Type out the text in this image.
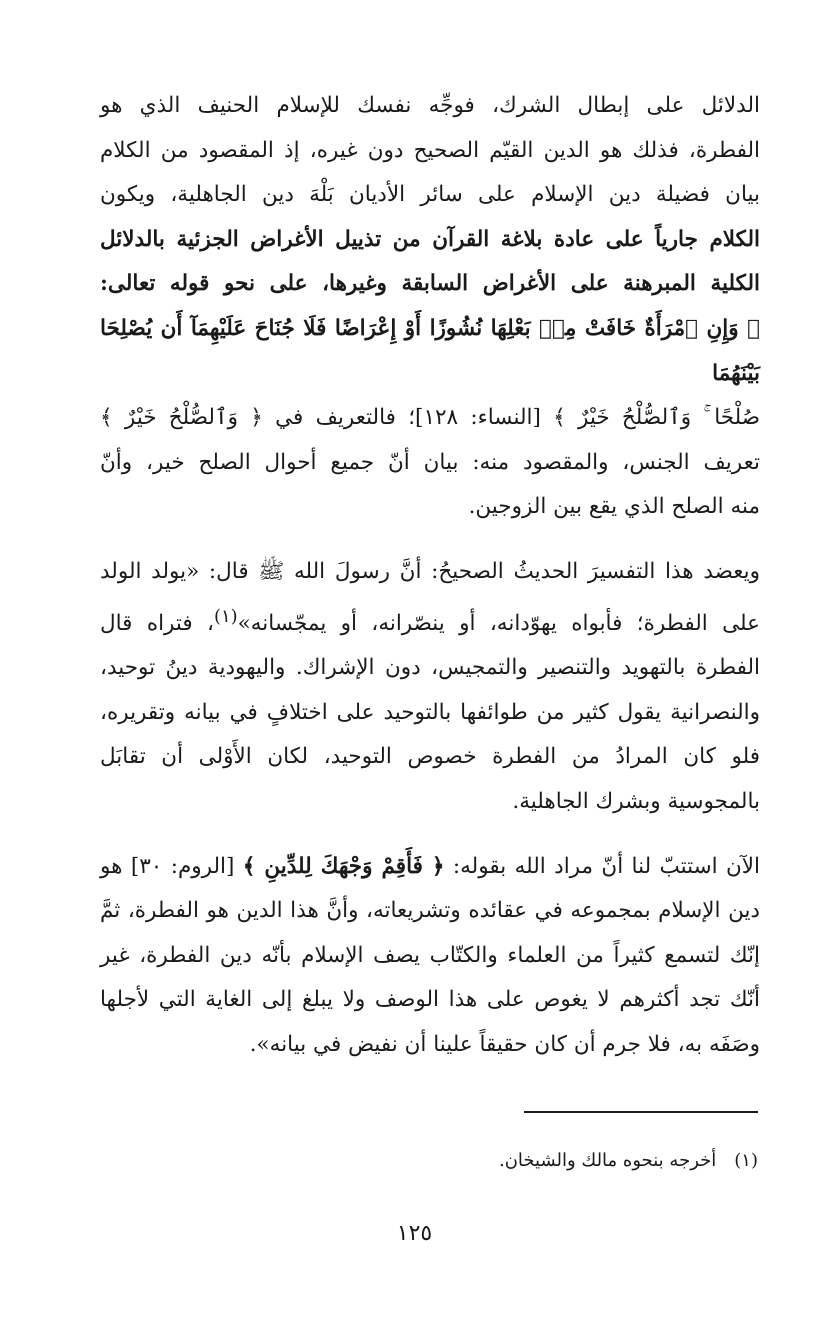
الدلائل على إبطال الشرك، فوجِّه نفسك للإسلام الحنيف الذي هو
الفطرة، فذلك هو الدين القيّم الصحيح دون غيره، إذ المقصود من الكلام
بيان فضيلة دين الإسلام على سائر الأديان بَلْهَ دين الجاهلية، ويكون
الكلام جارياً على عادة بلاغة القرآن من تذييل الأغراض الجزئية بالدلائل
الكلية المبرهنة على الأغراض السابقة وغيرها، على نحو قوله تعالى:
﴿ وَإِنِ ٱمْرَأَةٌ خَافَتْ مِنۢ بَعْلِهَا نُشُوزًا أَوْ إِعْرَاضًا فَلَا جُنَاحَ عَلَيْهِمَآ أَن يُصْلِحَا بَيْنَهُمَا
صُلْحًا ۚ وَٱلصُّلْحُ خَيْرٌ ﴾ [النساء: ١٢٨]؛ فالتعريف في ﴿ وَٱلصُّلْحُ خَيْرٌ ﴾
تعريف الجنس، والمقصود منه: بيان أنّ جميع أحوال الصلح خير، وأنّ
منه الصلح الذي يقع بين الزوجين.

ويعضد هذا التفسيرَ الحديثُ الصحيحُ: أنَّ رسولَ الله ﷺ قال: «يولد الولد على الفطرة؛ فأبواه يهوّدانه، أو ينصّرانه، أو يمجّسانه»$^{(١)}$، فتراه قال الفطرة بالتهويد والتنصير والتمجيس، دون الإشراك. واليهودية دينُ توحيد، والنصرانية يقول كثير من طوائفها بالتوحيد على اختلافٍ في بيانه وتقريره، فلو كان المرادُ من الفطرة خصوص التوحيد، لكان الأَوْلى أن تقابَل بالمجوسية وبشرك الجاهلية.

الآن استتبّ لنا أنّ مراد الله بقوله: ﴿ فَأَقِمْ وَجْهَكَ لِلدِّينِ ﴾ [الروم: ٣٠] هو دين الإسلام بمجموعه في عقائده وتشريعاته، وأنَّ هذا الدين هو الفطرة، ثمَّ إنّك لتسمع كثيراً من العلماء والكتّاب يصف الإسلام بأنّه دين الفطرة، غير أنّك تجد أكثرهم لا يغوص على هذا الوصف ولا يبلغ إلى الغاية التي لأجلها وصَفَه به، فلا جرم أن كان حقيقاً علينا أن نفيض في بيانه».

(١)أخرجه بنحوه مالك والشيخان.
١٢٥
